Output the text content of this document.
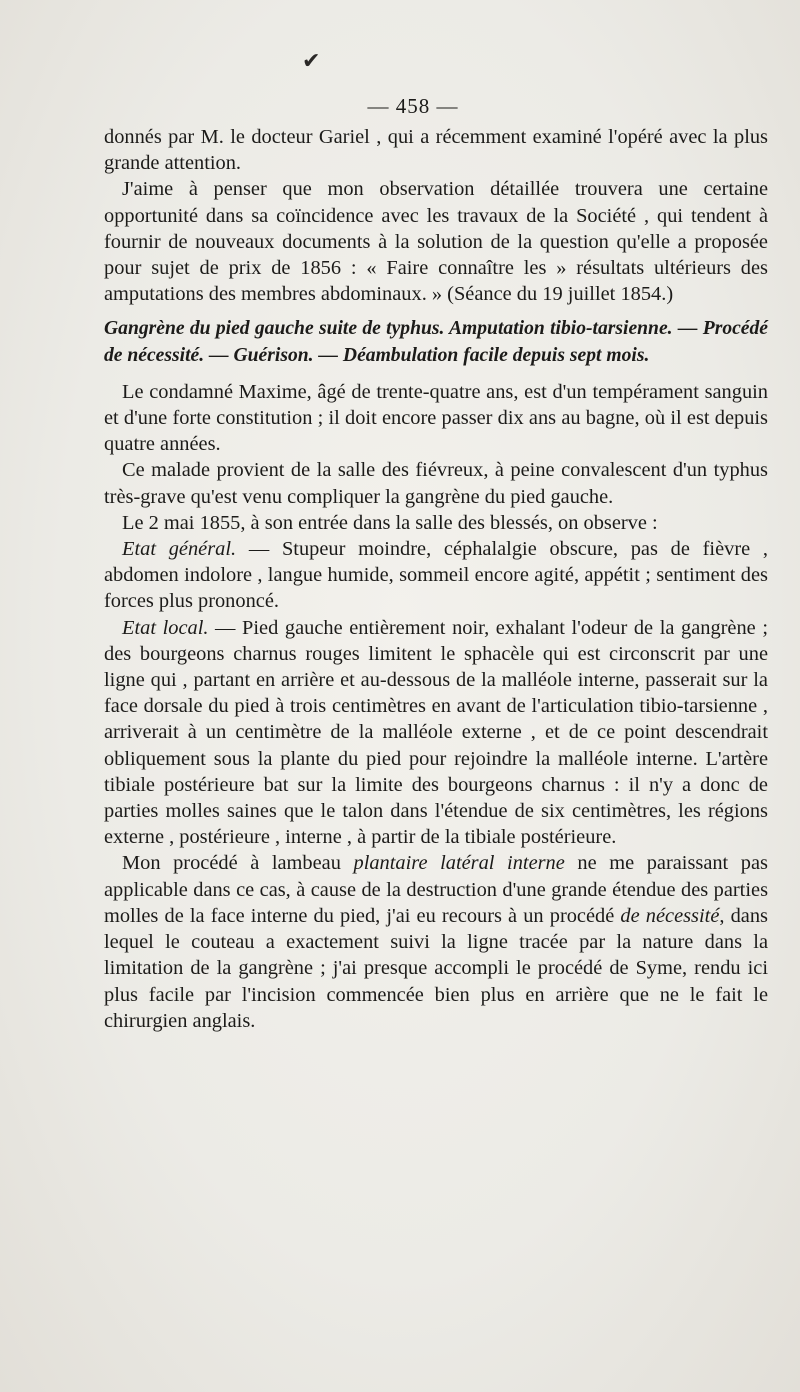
✔
— 458 —

donnés par M. le docteur Gariel , qui a récemment examiné l'opéré avec la plus grande attention.

J'aime à penser que mon observation détaillée trouvera une certaine opportunité dans sa coïncidence avec les travaux de la Société , qui tendent à fournir de nouveaux documents à la solution de la question qu'elle a proposée pour sujet de prix de 1856 : « Faire connaître les » résultats ultérieurs des amputations des membres abdominaux. » (Séance du 19 juillet 1854.)

Gangrène du pied gauche suite de typhus. Amputation tibio-tarsienne. — Procédé de nécessité. — Guérison. — Déambulation facile depuis sept mois.

Le condamné Maxime, âgé de trente-quatre ans, est d'un tempérament sanguin et d'une forte constitution ; il doit encore passer dix ans au bagne, où il est depuis quatre années.

Ce malade provient de la salle des fiévreux, à peine convalescent d'un typhus très-grave qu'est venu compliquer la gangrène du pied gauche.

Le 2 mai 1855, à son entrée dans la salle des blessés, on observe :

Etat général. — Stupeur moindre, céphalalgie obscure, pas de fièvre , abdomen indolore , langue humide, sommeil encore agité, appétit ; sentiment des forces plus prononcé.

Etat local. — Pied gauche entièrement noir, exhalant l'odeur de la gangrène ; des bourgeons charnus rouges limitent le sphacèle qui est circonscrit par une ligne qui , partant en arrière et au-dessous de la malléole interne, passerait sur la face dorsale du pied à trois centimètres en avant de l'articulation tibio-tarsienne , arriverait à un centimètre de la malléole externe , et de ce point descendrait obliquement sous la plante du pied pour rejoindre la malléole interne. L'artère tibiale postérieure bat sur la limite des bourgeons charnus : il n'y a donc de parties molles saines que le talon dans l'étendue de six centimètres, les régions externe , postérieure , interne , à partir de la tibiale postérieure.

Mon procédé à lambeau plantaire latéral interne ne me paraissant pas applicable dans ce cas, à cause de la destruction d'une grande étendue des parties molles de la face interne du pied, j'ai eu recours à un procédé de nécessité, dans lequel le couteau a exactement suivi la ligne tracée par la nature dans la limitation de la gangrène ; j'ai presque accompli le procédé de Syme, rendu ici plus facile par l'incision commencée bien plus en arrière que ne le fait le chirurgien anglais.
